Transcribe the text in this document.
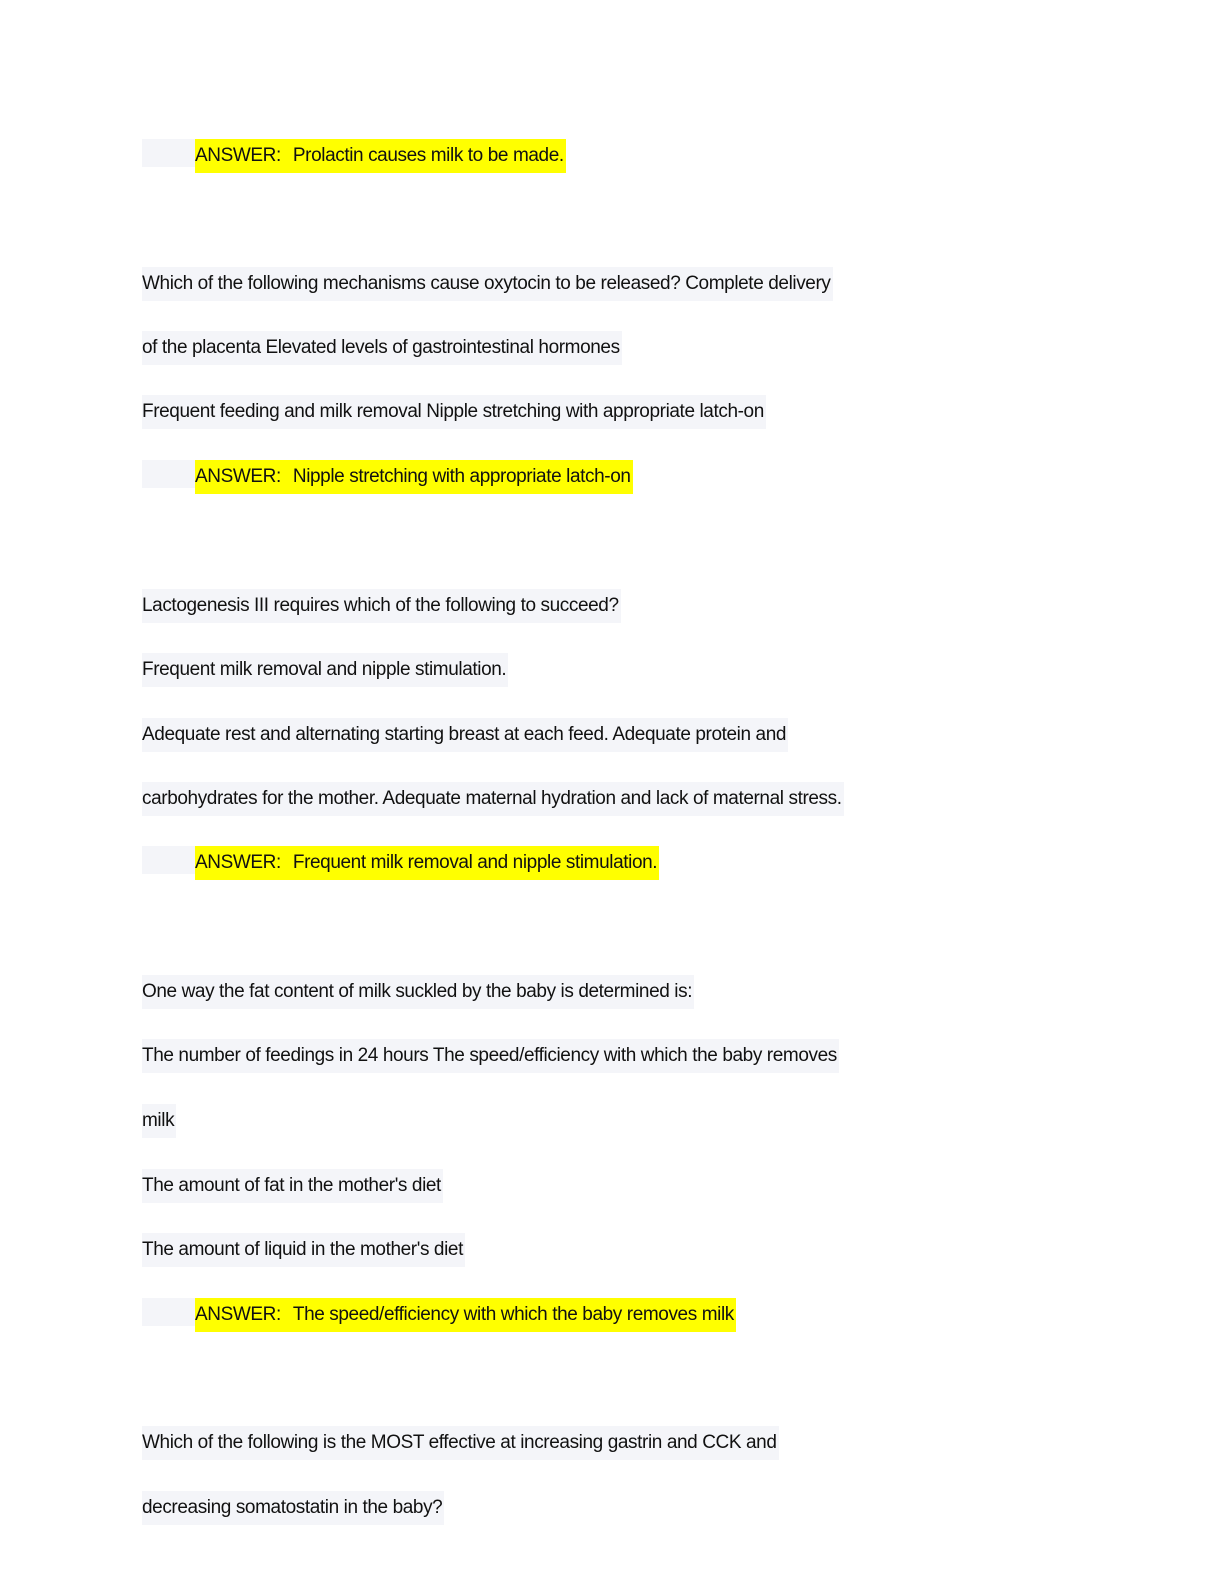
ANSWER: Prolactin causes milk to be made.
Which of the following mechanisms cause oxytocin to be released? Complete delivery
of the placenta Elevated levels of gastrointestinal hormones
Frequent feeding and milk removal Nipple stretching with appropriate latch-on
ANSWER: Nipple stretching with appropriate latch-on
Lactogenesis III requires which of the following to succeed?
Frequent milk removal and nipple stimulation.
Adequate rest and alternating starting breast at each feed. Adequate protein and
carbohydrates for the mother. Adequate maternal hydration and lack of maternal stress.
ANSWER: Frequent milk removal and nipple stimulation.
One way the fat content of milk suckled by the baby is determined is:
The number of feedings in 24 hours The speed/efficiency with which the baby removes
milk
The amount of fat in the mother's diet
The amount of liquid in the mother's diet
ANSWER: The speed/efficiency with which the baby removes milk
Which of the following is the MOST effective at increasing gastrin and CCK and
decreasing somatostatin in the baby?
